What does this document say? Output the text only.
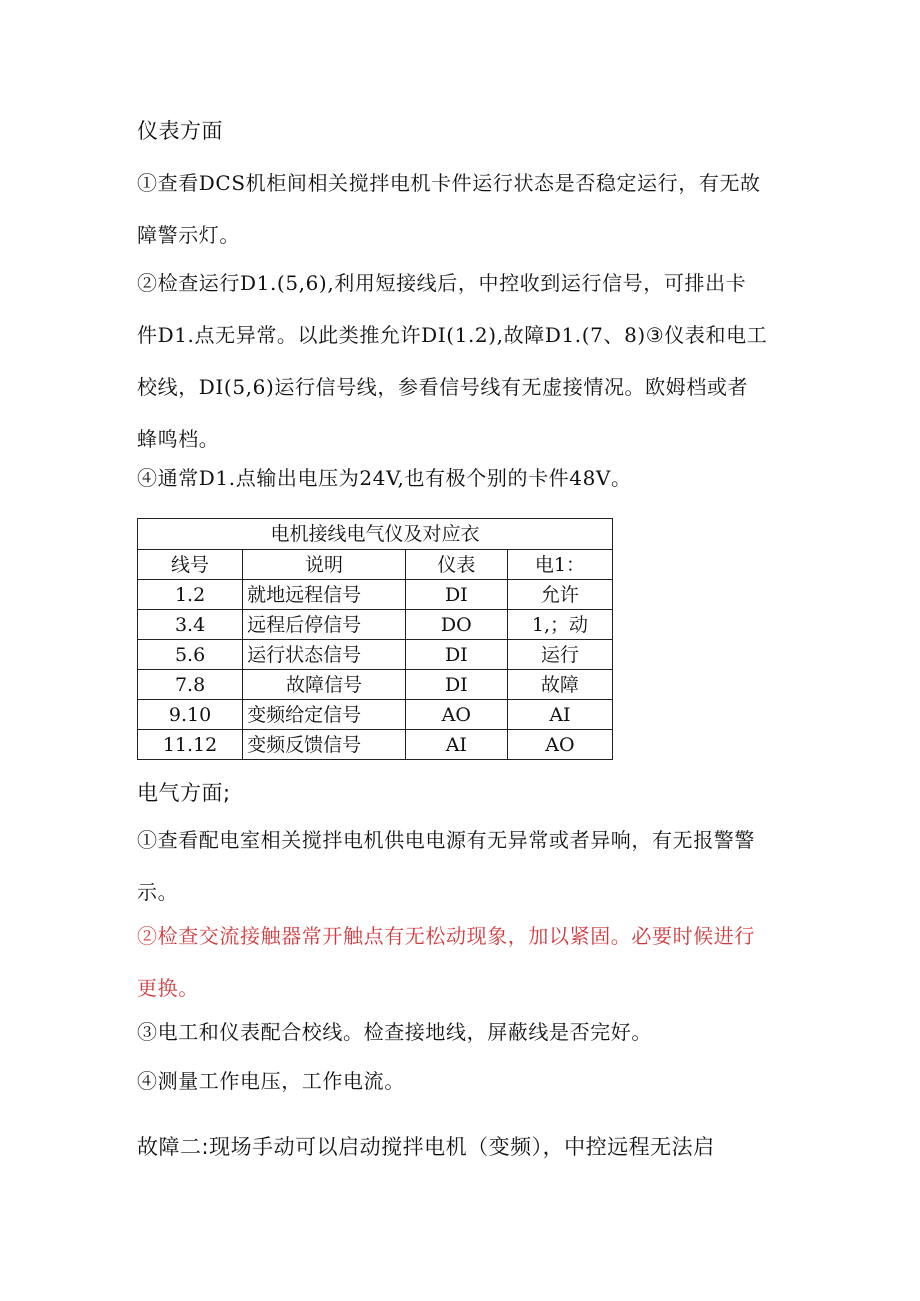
仪表方面
①查看DCS机柜间相关搅拌电机卡件运行状态是否稳定运行，有无故
障警示灯。
②检查运行D1.(5,6),利用短接线后，中控收到运行信号，可排出卡
件D1.点无异常。以此类推允许DI(1.2),故障D1.(7、8)③仪表和电工
校线，DI(5,6)运行信号线，参看信号线有无虚接情况。欧姆档或者
蜂鸣档。
④通常D1.点输出电压为24V,也有极个别的卡件48V。
电机接线电气仪及对应衣
线号	说明	仪表	电1：
1.2	就地远程信号	DI	允许
3.4	远程后停信号	DO	1,；动
5.6	运行状态信号	DI	运行
7.8	故障信号	DI	故障
9.10	变频给定信号	AO	AI
11.12	变频反馈信号	AI	AO
电气方面;
①查看配电室相关搅拌电机供电电源有无异常或者异响，有无报警警
示。
②检查交流接触器常开触点有无松动现象，加以紧固。必要时候进行
更换。
③电工和仪表配合校线。检查接地线，屏蔽线是否完好。
④测量工作电压，工作电流。
故障二:现场手动可以启动搅拌电机（变频），中控远程无法启
